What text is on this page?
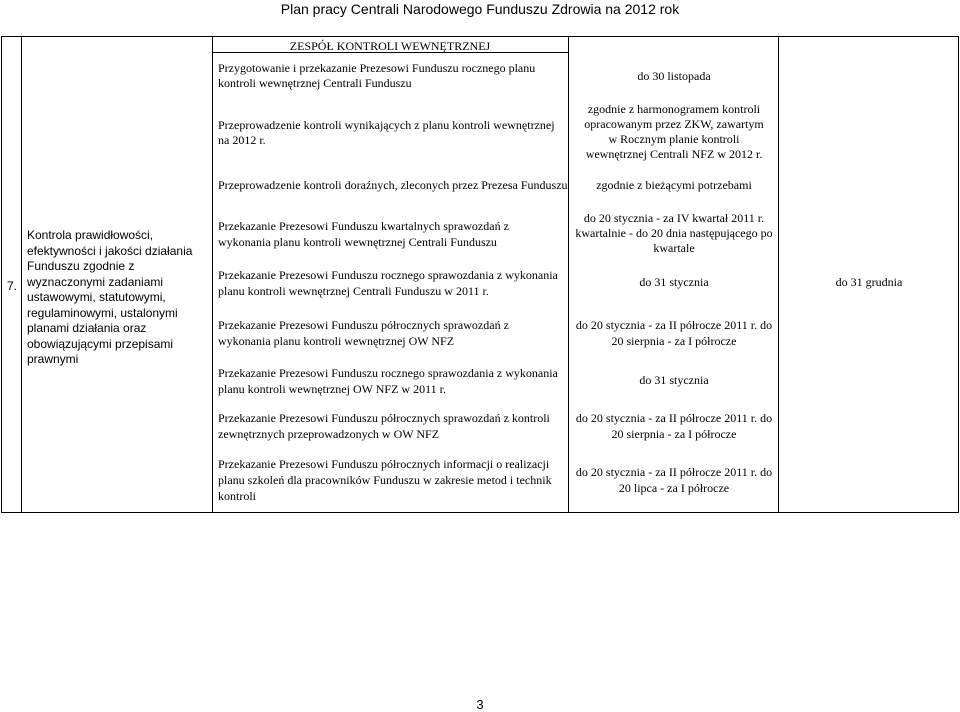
Plan pracy Centrali Narodowego Funduszu Zdrowia na 2012 rok
ZESPÓŁ KONTROLI WEWNĘTRZNEJ
Przygotowanie i przekazanie Prezesowi Funduszu rocznego planu kontroli wewnętrznej Centrali Funduszu	do 30 listopada
Przeprowadzenie kontroli wynikających z planu kontroli wewnętrznej na 2012 r.
zgodnie z harmonogramem kontroli opracowanym przez ZKW, zawartym w Rocznym planie kontroli wewnętrznej Centrali NFZ w 2012 r.
Przeprowadzenie kontroli doraźnych, zleconych przez Prezesa Funduszu	zgodnie z bieżącymi potrzebami
7.
Kontrola prawidłowości, efektywności i jakości działania Funduszu zgodnie z wyznaczonymi zadaniami ustawowymi, statutowymi, regulaminowymi, ustalonymi planami działania oraz obowiązującymi przepisami prawnymi
do 31 grudnia
Przekazanie Prezesowi Funduszu kwartalnych sprawozdań z wykonania planu kontroli wewnętrznej Centrali Funduszu
do 20 stycznia - za IV kwartał 2011 r. kwartalnie - do 20 dnia następującego po kwartale
Przekazanie Prezesowi Funduszu rocznego sprawozdania z wykonania planu kontroli wewnętrznej Centrali Funduszu w 2011 r.
do 31 stycznia
Przekazanie Prezesowi Funduszu półrocznych sprawozdań z wykonania planu kontroli wewnętrznej OW NFZ
do 20 stycznia - za II półrocze 2011 r. do 20 sierpnia - za I półrocze
Przekazanie Prezesowi Funduszu rocznego sprawozdania z wykonania planu kontroli wewnętrznej OW NFZ w 2011 r.
do 31 stycznia
Przekazanie Prezesowi Funduszu półrocznych sprawozdań z kontroli zewnętrznych przeprowadzonych w OW NFZ
do 20 stycznia - za II półrocze 2011 r. do 20 sierpnia - za I półrocze
Przekazanie Prezesowi Funduszu półrocznych informacji o realizacji planu szkoleń dla pracowników Funduszu w zakresie metod i technik kontroli
do 20 stycznia - za II półrocze 2011 r. do 20 lipca - za I półrocze
3
